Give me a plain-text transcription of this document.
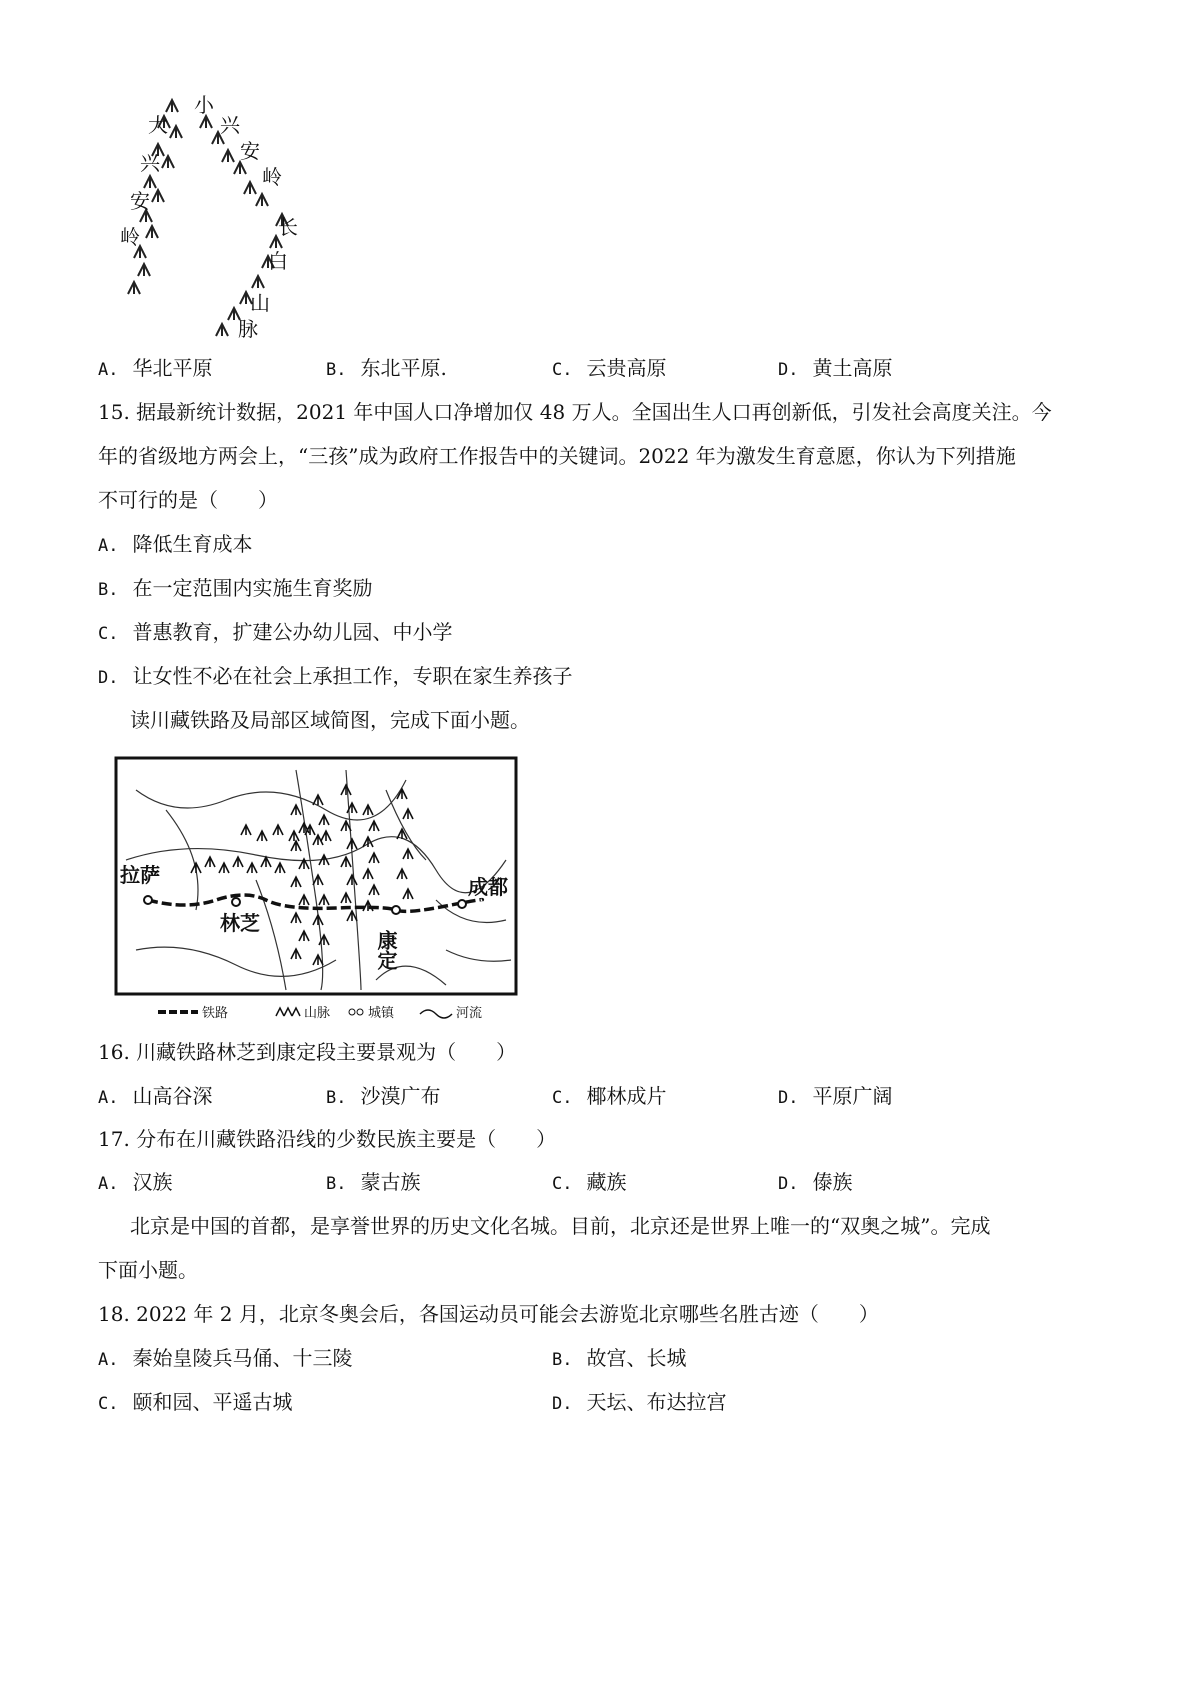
大
小
兴
安
岭
兴
安
岭	长
白
山
脉
A. 华北平原	B. 东北平原.	C. 云贵高原	D. 黄土高原
15. 据最新统计数据，2021 年中国人口净增加仅 48 万人。全国出生人口再创新低，引发社会高度关注。今
年的省级地方两会上，“三孩”成为政府工作报告中的关键词。2022 年为激发生育意愿，你认为下列措施
不可行的是（　　）
A. 降低生育成本
B. 在一定范围内实施生育奖励
C. 普惠教育，扩建公办幼儿园、中小学
D. 让女性不必在社会上承担工作，专职在家生养孩子
读川藏铁路及局部区域简图，完成下面小题。
拉萨
林芝
成都
康定
铁路	山脉	城镇	河流
16. 川藏铁路林芝到康定段主要景观为（　　）
A. 山高谷深	B. 沙漠广布	C. 椰林成片	D. 平原广阔
17. 分布在川藏铁路沿线的少数民族主要是（　　）
A. 汉族	B. 蒙古族	C. 藏族	D. 傣族
北京是中国的首都，是享誉世界的历史文化名城。目前，北京还是世界上唯一的“双奥之城”。完成
下面小题。
18. 2022 年 2 月，北京冬奥会后，各国运动员可能会去游览北京哪些名胜古迹（　　）
A. 秦始皇陵兵马俑、十三陵	B. 故宫、长城
C. 颐和园、平遥古城	D. 天坛、布达拉宫
